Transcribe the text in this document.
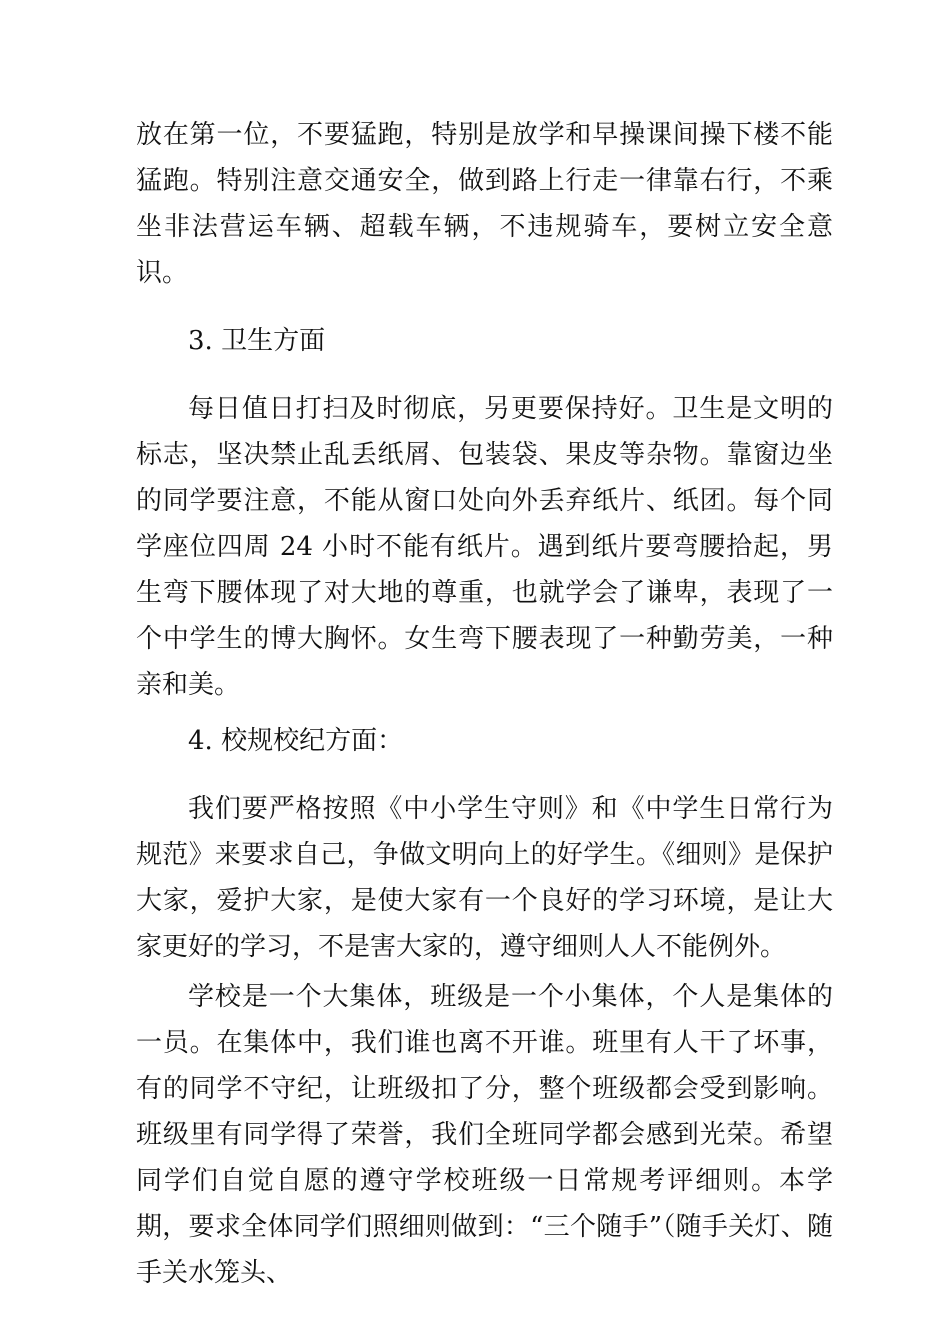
放在第一位，不要猛跑，特别是放学和早操课间操下楼不能猛跑。特别注意交通安全，做到路上行走一律靠右行，不乘坐非法营运车辆、超载车辆，不违规骑车，要树立安全意识。

3. 卫生方面

每日值日打扫及时彻底，另更要保持好。卫生是文明的标志，坚决禁止乱丢纸屑、包装袋、果皮等杂物。靠窗边坐的同学要注意，不能从窗口处向外丢弃纸片、纸团。每个同学座位四周 24 小时不能有纸片。遇到纸片要弯腰拾起，男生弯下腰体现了对大地的尊重，也就学会了谦卑，表现了一个中学生的博大胸怀。女生弯下腰表现了一种勤劳美，一种亲和美。

4. 校规校纪方面：

我们要严格按照《中小学生守则》和《中学生日常行为规范》来要求自己，争做文明向上的好学生。《细则》是保护大家，爱护大家，是使大家有一个良好的学习环境，是让大家更好的学习，不是害大家的，遵守细则人人不能例外。

学校是一个大集体，班级是一个小集体，个人是集体的一员。在集体中，我们谁也离不开谁。班里有人干了坏事，有的同学不守纪，让班级扣了分，整个班级都会受到影响。班级里有同学得了荣誉，我们全班同学都会感到光荣。希望同学们自觉自愿的遵守学校班级一日常规考评细则。本学期，要求全体同学们照细则做到：“三个随手”（随手关灯、随手关水笼头、
